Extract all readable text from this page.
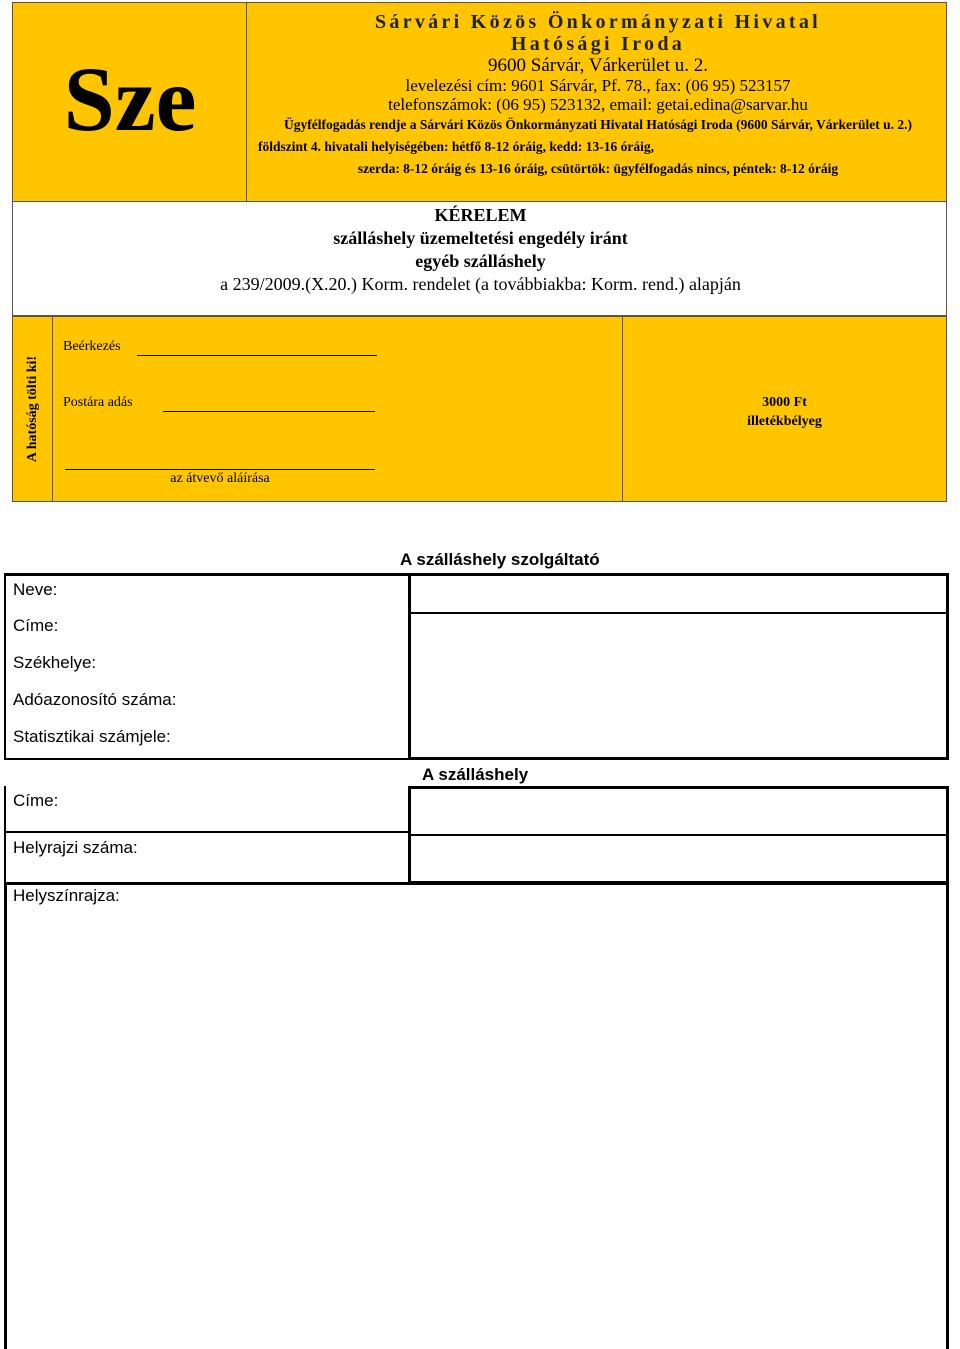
Sze
Sárvári Közös Önkormányzati Hivatal
Hatósági Iroda
9600 Sárvár, Várkerület u. 2.
levelezési cím: 9601 Sárvár, Pf. 78., fax: (06 95) 523157
telefonszámok: (06 95) 523132, email: getai.edina@sarvar.hu
Ügyfélfogadás rendje a Sárvári Közös Önkormányzati Hivatal Hatósági Iroda (9600 Sárvár, Várkerület u. 2.)
földszint 4. hivatali helyiségében: hétfő 8-12 óráig, kedd: 13-16 óráig,
szerda: 8-12 óráig és 13-16 óráig, csütörtök: ügyfélfogadás nincs, péntek: 8-12 óráig
KÉRELEM
szálláshely üzemeltetési engedély iránt
egyéb szálláshely
a 239/2009.(X.20.) Korm. rendelet (a továbbiakba: Korm. rend.) alapján
A hatóság tölti ki!
Beérkezés
Postára adás
az átvevő aláírása
3000 Ft
illetékbélyeg
A szálláshely szolgáltató
Neve:
Címe:
Székhelye:
Adóazonosító száma:
Statisztikai számjele:
A szálláshely
Címe:
Helyrajzi száma:
Helyszínrajza:
